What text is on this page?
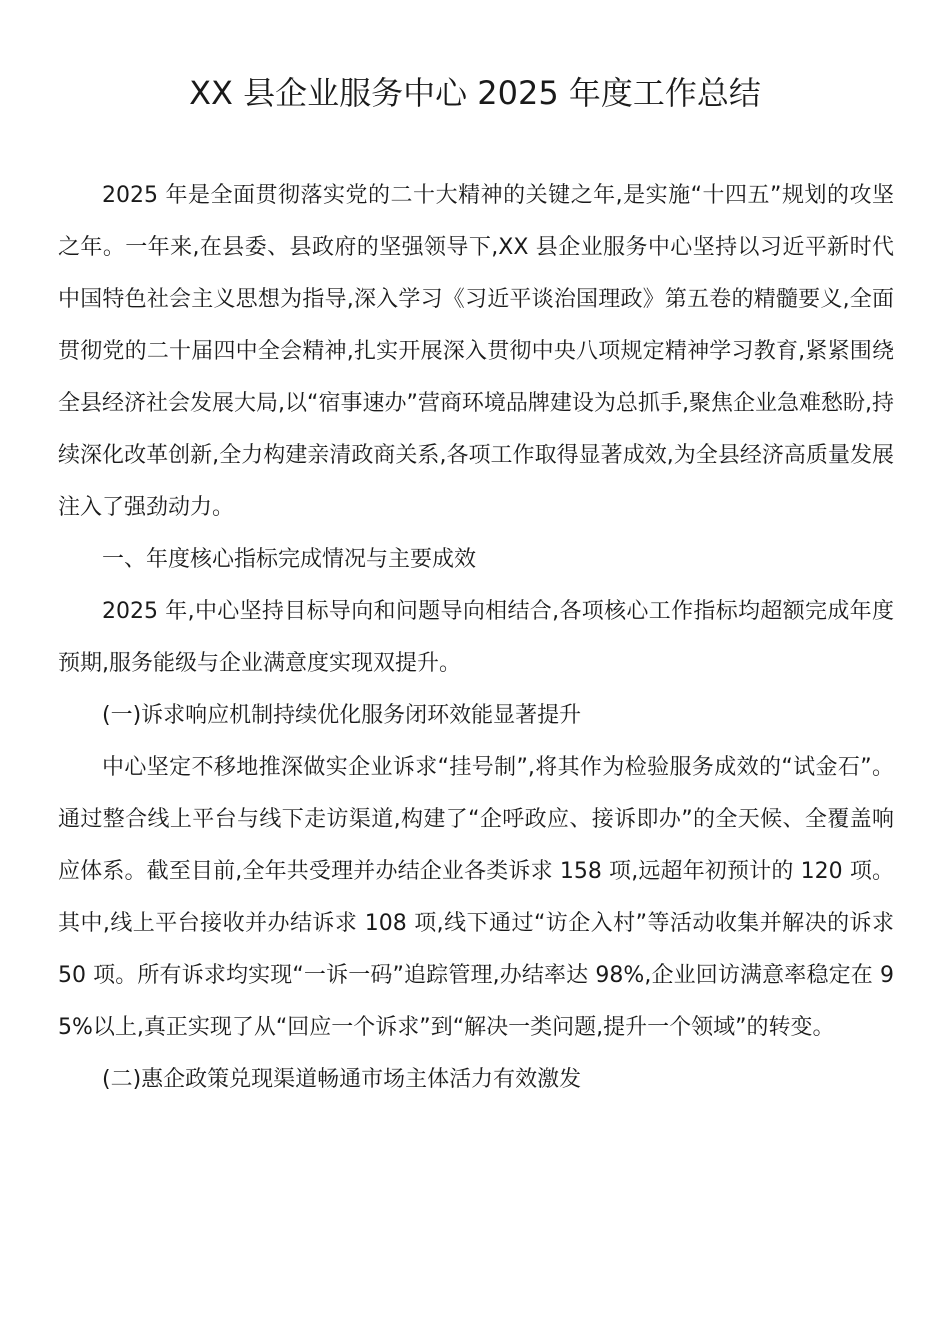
XX 县企业服务中心 2025 年度工作总结

2025 年是全面贯彻落实党的二十大精神的关键之年,是实施“十四五”规划的攻坚之年。一年来,在县委、县政府的坚强领导下,XX 县企业服务中心坚持以习近平新时代中国特色社会主义思想为指导,深入学习《习近平谈治国理政》第五卷的精髓要义,全面贯彻党的二十届四中全会精神,扎实开展深入贯彻中央八项规定精神学习教育,紧紧围绕全县经济社会发展大局,以“宿事速办”营商环境品牌建设为总抓手,聚焦企业急难愁盼,持续深化改革创新,全力构建亲清政商关系,各项工作取得显著成效,为全县经济高质量发展注入了强劲动力。

一、年度核心指标完成情况与主要成效

2025 年,中心坚持目标导向和问题导向相结合,各项核心工作指标均超额完成年度预期,服务能级与企业满意度实现双提升。

(一)诉求响应机制持续优化服务闭环效能显著提升

中心坚定不移地推深做实企业诉求“挂号制”,将其作为检验服务成效的“试金石”。通过整合线上平台与线下走访渠道,构建了“企呼政应、接诉即办”的全天候、全覆盖响应体系。截至目前,全年共受理并办结企业各类诉求 158 项,远超年初预计的 120 项。其中,线上平台接收并办结诉求 108 项,线下通过“访企入村”等活动收集并解决的诉求 50 项。所有诉求均实现“一诉一码”追踪管理,办结率达 98%,企业回访满意率稳定在 95%以上,真正实现了从“回应一个诉求”到“解决一类问题,提升一个领域”的转变。

(二)惠企政策兑现渠道畅通市场主体活力有效激发
